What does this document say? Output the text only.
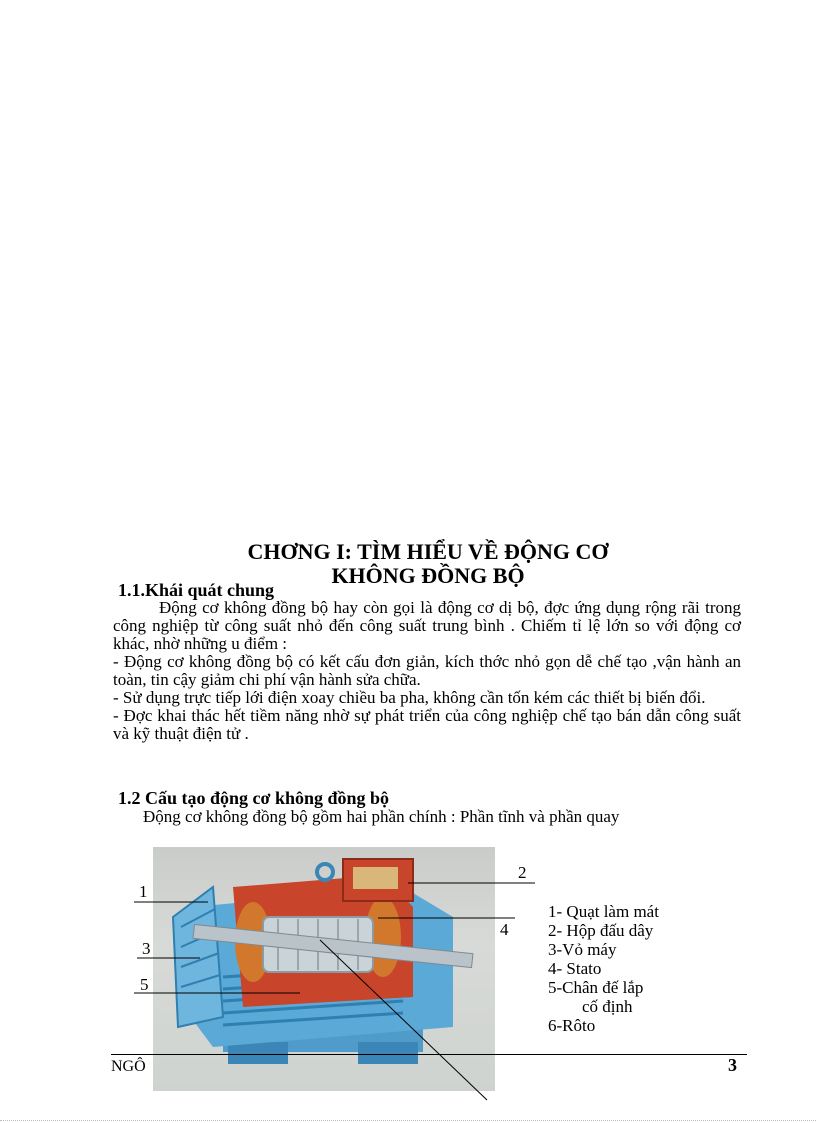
CHƠNG I: TÌM HIỂU VỀ ĐỘNG CƠ
KHÔNG ĐỒNG BỘ
1.1.Khái quát chung
Động cơ không đồng bộ hay còn gọi là động cơ dị bộ, đợc ứng dụng rộng rãi trong công nghiệp từ công suất nhỏ đến công suất trung bình . Chiếm tỉ lệ lớn so với động cơ khác, nhờ những u điểm :
- Động cơ không đồng bộ có kết cấu đơn giản, kích thớc nhỏ gọn dễ chế tạo ,vận hành an toàn, tin cậy giảm chi phí vận hành sửa chữa.
- Sử dụng trực tiếp lới điện xoay chiều ba pha, không cần tốn kém các thiết bị biến đổi.
- Đợc khai thác hết tiềm năng nhờ sự phát triển của công nghiệp chế tạo bán dẫn công suất và kỹ thuật điện tử .
1.2 Cấu tạo động cơ không đồng bộ
Động cơ không đồng bộ gồm hai phần chính : Phần tĩnh và phần quay
1
2
3
4
5
1- Quạt làm mát
2- Hộp đấu dây
3-Vỏ máy
4- Stato
5-Chân đế lắp
cố định
6-Rôto
NGÔ	3
